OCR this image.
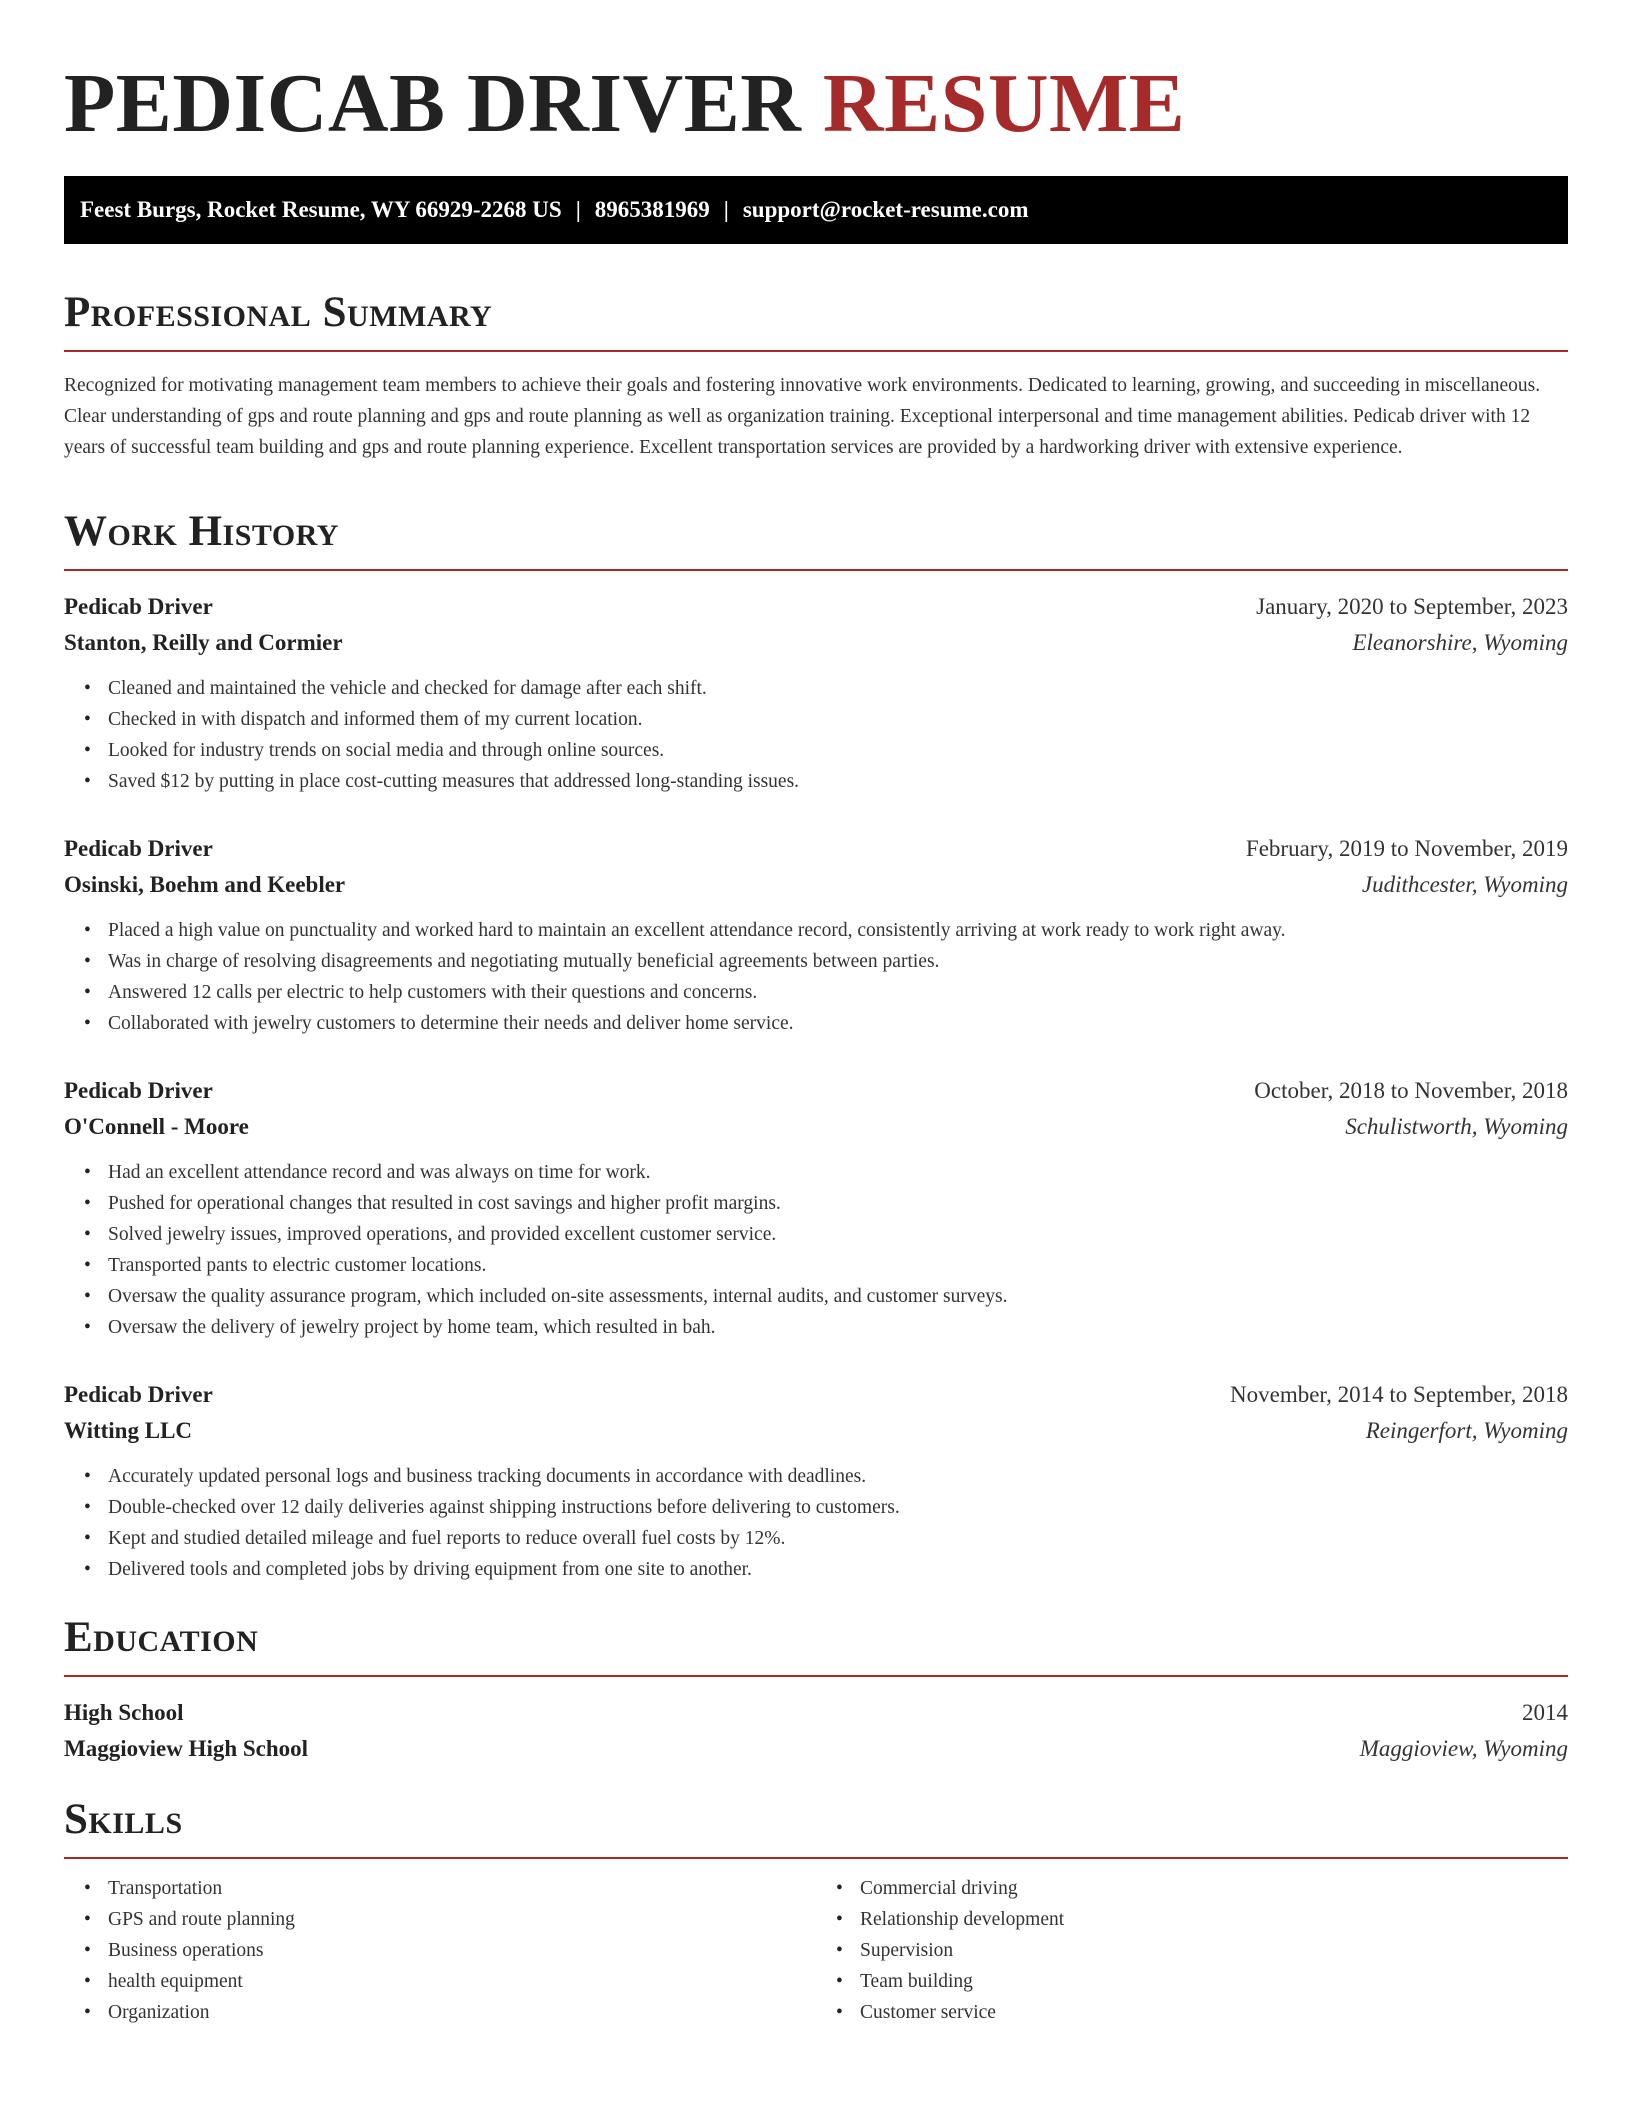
PEDICAB DRIVER RESUME
Feest Burgs, Rocket Resume, WY 66929-2268 US | 8965381969 | support@rocket-resume.com
Professional Summary

Recognized for motivating management team members to achieve their goals and fostering innovative work environments. Dedicated to learning, growing, and succeeding in miscellaneous. Clear understanding of gps and route planning and gps and route planning as well as organization training. Exceptional interpersonal and time management abilities. Pedicab driver with 12 years of successful team building and gps and route planning experience. Excellent transportation services are provided by a hardworking driver with extensive experience.

Work History
Pedicab Driver	January, 2020 to September, 2023
Stanton, Reilly and Cormier	Eleanorshire, Wyoming
• Cleaned and maintained the vehicle and checked for damage after each shift.
• Checked in with dispatch and informed them of my current location.
• Looked for industry trends on social media and through online sources.
• Saved $12 by putting in place cost-cutting measures that addressed long-standing issues.
Pedicab Driver	February, 2019 to November, 2019
Osinski, Boehm and Keebler	Judithcester, Wyoming
• Placed a high value on punctuality and worked hard to maintain an excellent attendance record, consistently arriving at work ready to work right away.
• Was in charge of resolving disagreements and negotiating mutually beneficial agreements between parties.
• Answered 12 calls per electric to help customers with their questions and concerns.
• Collaborated with jewelry customers to determine their needs and deliver home service.
Pedicab Driver	October, 2018 to November, 2018
O'Connell - Moore	Schulistworth, Wyoming
• Had an excellent attendance record and was always on time for work.
• Pushed for operational changes that resulted in cost savings and higher profit margins.
• Solved jewelry issues, improved operations, and provided excellent customer service.
• Transported pants to electric customer locations.
• Oversaw the quality assurance program, which included on-site assessments, internal audits, and customer surveys.
• Oversaw the delivery of jewelry project by home team, which resulted in bah.
Pedicab Driver	November, 2014 to September, 2018
Witting LLC	Reingerfort, Wyoming
• Accurately updated personal logs and business tracking documents in accordance with deadlines.
• Double-checked over 12 daily deliveries against shipping instructions before delivering to customers.
• Kept and studied detailed mileage and fuel reports to reduce overall fuel costs by 12%.
• Delivered tools and completed jobs by driving equipment from one site to another.
Education
High School	2014
Maggioview High School	Maggioview, Wyoming
Skills
• Transportation
• GPS and route planning
• Business operations
• health equipment
• Organization
• Commercial driving
• Relationship development
• Supervision
• Team building
• Customer service
